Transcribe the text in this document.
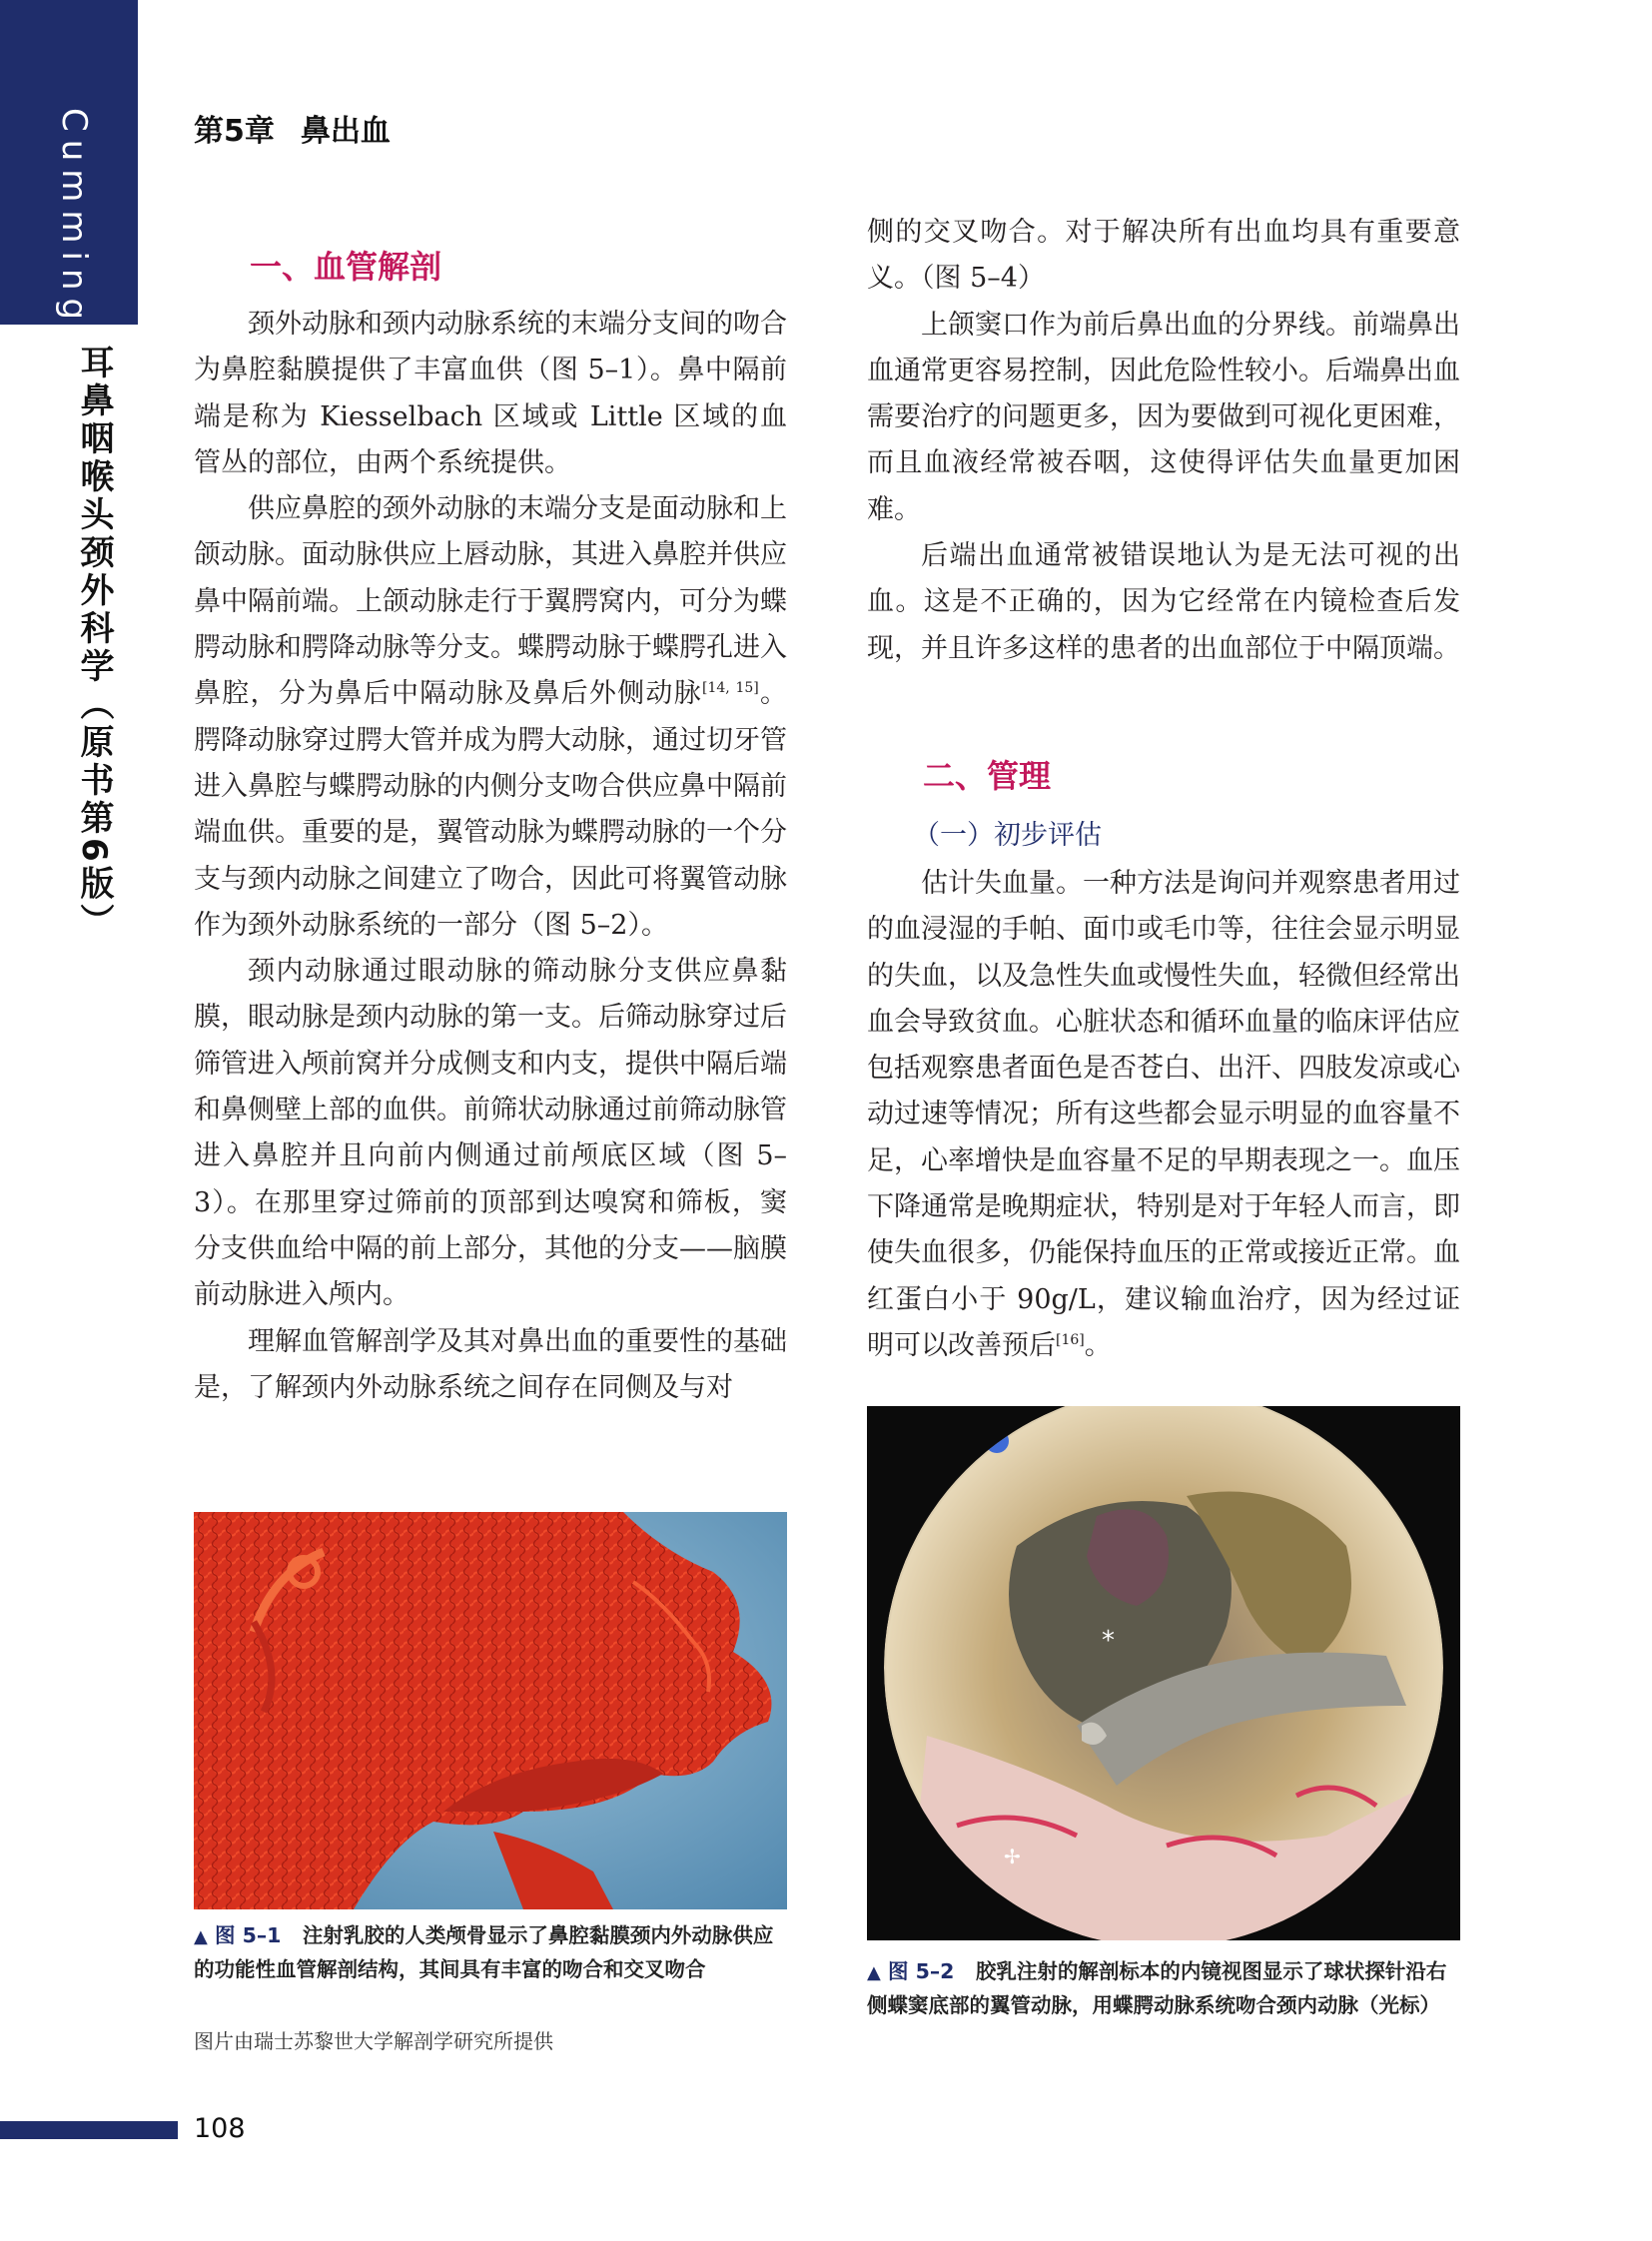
Cummings
耳鼻咽喉头颈外科学（原书第6版）
第5章 鼻出血
一、血管解剖

颈外动脉和颈内动脉系统的末端分支间的吻合为鼻腔黏膜提供了丰富血供（图 5–1）。鼻中隔前端是称为 Kiesselbach 区域或 Little 区域的血管丛的部位，由两个系统提供。

供应鼻腔的颈外动脉的末端分支是面动脉和上颌动脉。面动脉供应上唇动脉，其进入鼻腔并供应鼻中隔前端。上颌动脉走行于翼腭窝内，可分为蝶腭动脉和腭降动脉等分支。蝶腭动脉于蝶腭孔进入鼻腔，分为鼻后中隔动脉及鼻后外侧动脉[14, 15]。腭降动脉穿过腭大管并成为腭大动脉，通过切牙管进入鼻腔与蝶腭动脉的内侧分支吻合供应鼻中隔前端血供。重要的是，翼管动脉为蝶腭动脉的一个分支与颈内动脉之间建立了吻合，因此可将翼管动脉作为颈外动脉系统的一部分（图 5–2）。

颈内动脉通过眼动脉的筛动脉分支供应鼻黏膜，眼动脉是颈内动脉的第一支。后筛动脉穿过后筛管进入颅前窝并分成侧支和内支，提供中隔后端和鼻侧壁上部的血供。前筛状动脉通过前筛动脉管进入鼻腔并且向前内侧通过前颅底区域（图 5–3）。在那里穿过筛前的顶部到达嗅窝和筛板，窦分支供血给中隔的前上部分，其他的分支——脑膜前动脉进入颅内。

理解血管解剖学及其对鼻出血的重要性的基础是，了解颈内外动脉系统之间存在同侧及与对

侧的交叉吻合。对于解决所有出血均具有重要意义。（图 5–4）

上颌窦口作为前后鼻出血的分界线。前端鼻出血通常更容易控制，因此危险性较小。后端鼻出血需要治疗的问题更多，因为要做到可视化更困难，而且血液经常被吞咽，这使得评估失血量更加困难。

后端出血通常被错误地认为是无法可视的出血。这是不正确的，因为它经常在内镜检查后发现，并且许多这样的患者的出血部位于中隔顶端。

二、管理
（一）初步评估

估计失血量。一种方法是询问并观察患者用过的血浸湿的手帕、面巾或毛巾等，往往会显示明显的失血，以及急性失血或慢性失血，轻微但经常出血会导致贫血。心脏状态和循环血量的临床评估应包括观察患者面色是否苍白、出汗、四肢发凉或心动过速等情况；所有这些都会显示明显的血容量不足，心率增快是血容量不足的早期表现之一。血压下降通常是晚期症状，特别是对于年轻人而言，即使失血很多，仍能保持血压的正常或接近正常。血红蛋白小于 90g/L，建议输血治疗，因为经过证明可以改善预后[16]。

▲ 图 5–1 注射乳胶的人类颅骨显示了鼻腔黏膜颈内外动脉供应的功能性血管解剖结构，其间具有丰富的吻合和交叉吻合
图片由瑞士苏黎世大学解剖学研究所提供
*
✢
▲ 图 5–2 胶乳注射的解剖标本的内镜视图显示了球状探针沿右侧蝶窦底部的翼管动脉，用蝶腭动脉系统吻合颈内动脉（光标）
108
